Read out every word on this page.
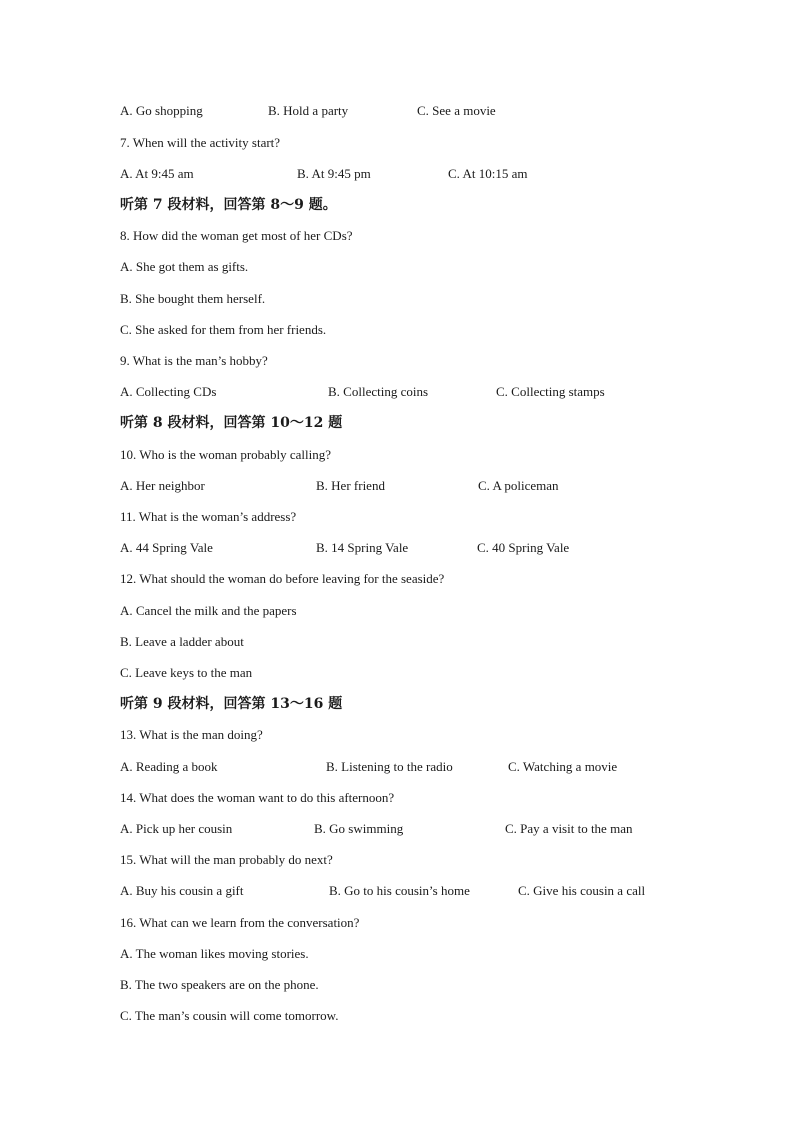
A. Go shopping	B. Hold a party	C. See a movie
7. When will the activity start?
A. At 9:45 am	B. At 9:45 pm	C. At 10:15 am
听第 7 段材料，回答第 8～9 题。
8. How did the woman get most of her CDs?
A. She got them as gifts.
B. She bought them herself.
C. She asked for them from her friends.
9. What is the man’s hobby?
A. Collecting CDs	B. Collecting coins	C. Collecting stamps
听第 8 段材料，回答第 10～12 题
10. Who is the woman probably calling?
A. Her neighbor	B. Her friend	C. A policeman
11. What is the woman’s address?
A. 44 Spring Vale	B. 14 Spring Vale	C. 40 Spring Vale
12. What should the woman do before leaving for the seaside?
A. Cancel the milk and the papers
B. Leave a ladder about
C. Leave keys to the man
听第 9 段材料，回答第 13～16 题
13. What is the man doing?
A. Reading a book	B. Listening to the radio	C. Watching a movie
14. What does the woman want to do this afternoon?
A. Pick up her cousin	B. Go swimming	C. Pay a visit to the man
15. What will the man probably do next?
A. Buy his cousin a gift	B. Go to his cousin’s home	C. Give his cousin a call
16. What can we learn from the conversation?
A. The woman likes moving stories.
B. The two speakers are on the phone.
C. The man’s cousin will come tomorrow.
